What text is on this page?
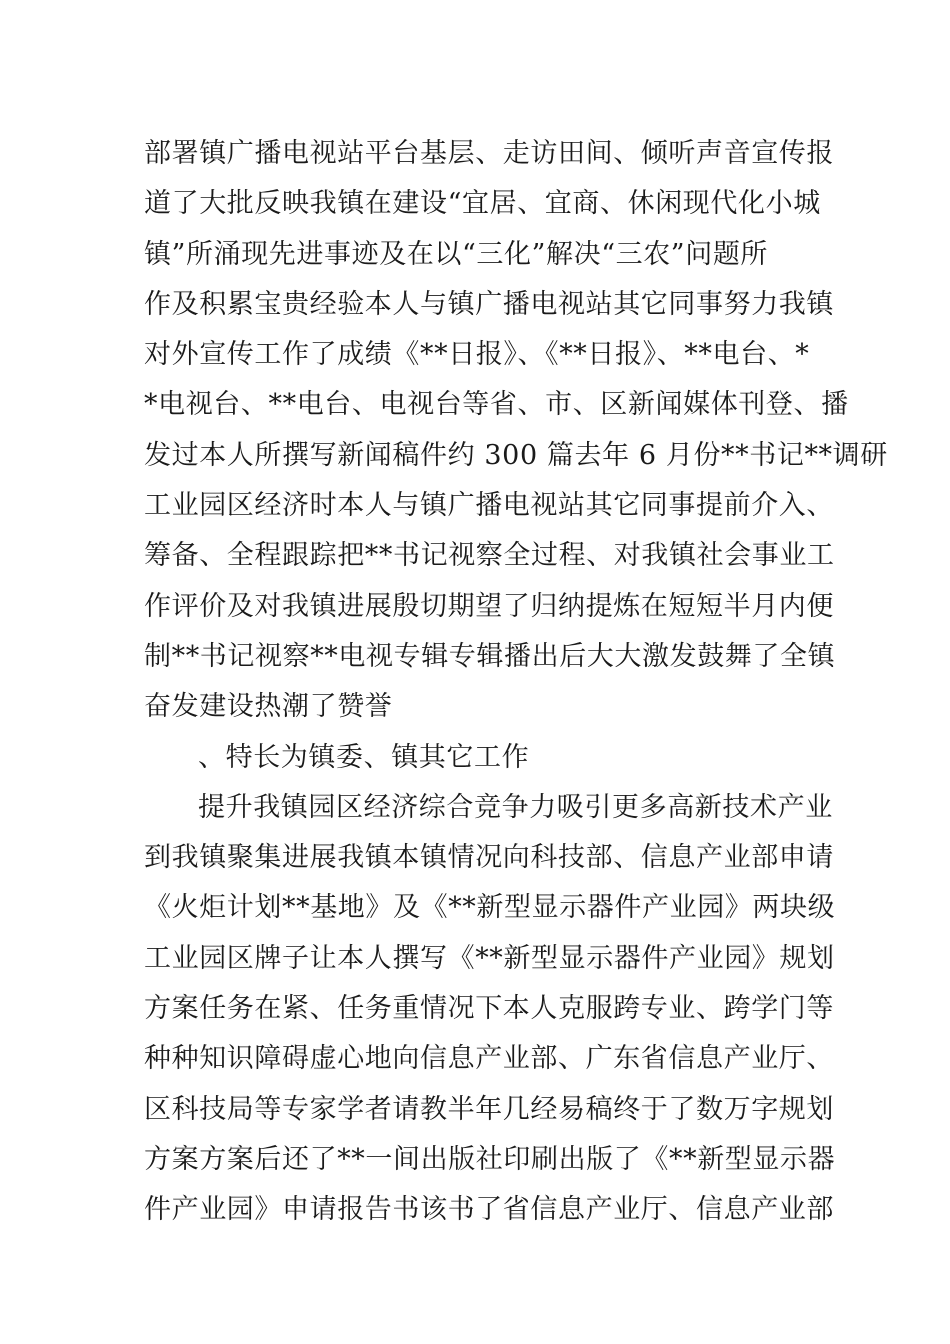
部署镇广播电视站平台基层、走访田间、倾听声音宣传报
道了大批反映我镇在建设“宜居、宜商、休闲现代化小城
镇”所涌现先进事迹及在以“三化”解决“三农”问题所
作及积累宝贵经验本人与镇广播电视站其它同事努力我镇
对外宣传工作了成绩《**日报》、《**日报》、**电台、*
*电视台、**电台、电视台等省、市、区新闻媒体刊登、播
发过本人所撰写新闻稿件约 300 篇去年 6 月份**书记**调研
工业园区经济时本人与镇广播电视站其它同事提前介入、
筹备、全程跟踪把**书记视察全过程、对我镇社会事业工
作评价及对我镇进展殷切期望了归纳提炼在短短半月内便
制**书记视察**电视专辑专辑播出后大大激发鼓舞了全镇
奋发建设热潮了赞誉
、特长为镇委、镇其它工作
提升我镇园区经济综合竞争力吸引更多高新技术产业
到我镇聚集进展我镇本镇情况向科技部、信息产业部申请
《火炬计划**基地》及《**新型显示器件产业园》两块级
工业园区牌子让本人撰写《**新型显示器件产业园》规划
方案任务在紧、任务重情况下本人克服跨专业、跨学门等
种种知识障碍虚心地向信息产业部、广东省信息产业厅、
区科技局等专家学者请教半年几经易稿终于了数万字规划
方案方案后还了**一间出版社印刷出版了《**新型显示器
件产业园》申请报告书该书了省信息产业厅、信息产业部
